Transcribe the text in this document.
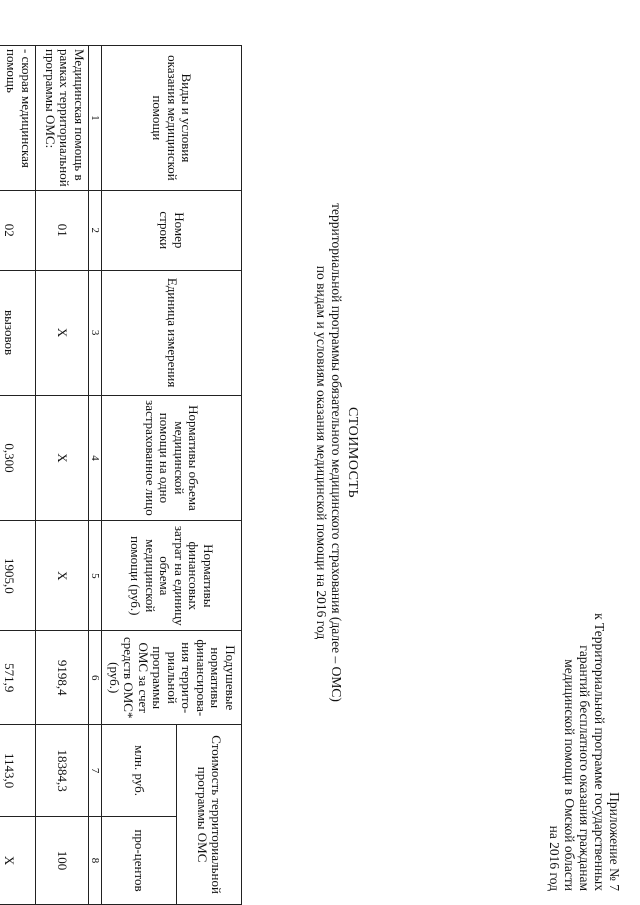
Приложение № 7
к Территориальной программе государственных
гарантий бесплатного оказания гражданам
медицинской помощи в Омской области
на 2016 год
СТОИМОСТЬ
территориальной программы обязательного медицинского страхования (далее – ОМС)
по видам и условиям оказания медицинской помощи на 2016 год
Виды и условия оказания медицинской помощи	Номер строки	Единица измерения	Нормативы объема медицинской помощи на одно застрахованное лицо	Нормативы финансовых затрат на единицу объема медицинской помощи (руб.)	Подушевые нормативы финансирова-ния террито-риальной программы ОМС за счет средств ОМС* (руб.)	Стоимость территориальной программы ОМС	
						млн. руб.	про-центов
1	2	3	4	5	6	7	8
Медицинская помощь в рамках территориальной программы ОМС:	01	X	X	X	9198,4	18384,3	100
- скорая медицинская помощь	02	вызовов	0,300	1905,0	571,9	1143,0	X
